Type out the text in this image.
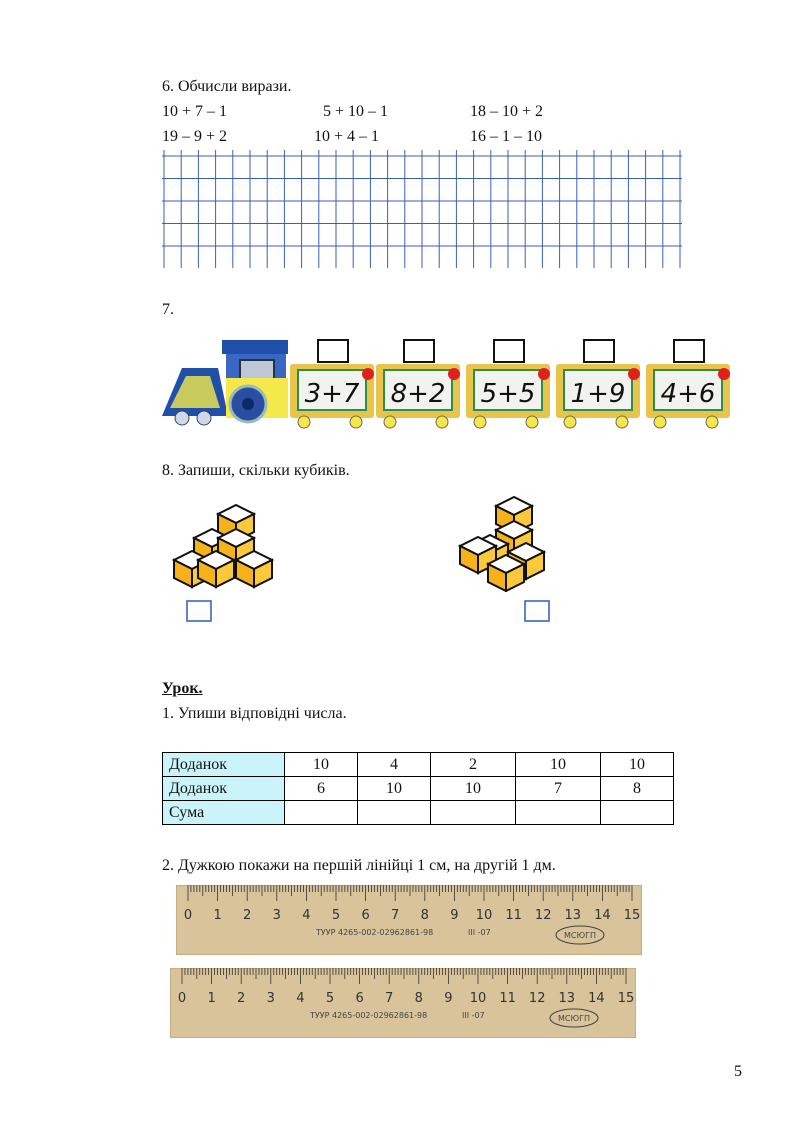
6. Обчисли вирази.
10 + 7 – 1	5 + 10 – 1	18 – 10 + 2
19 – 9 + 2	10 + 4 – 1	16 – 1 – 10
7.
3+7 8+2 5+5 1+9 4+6
8. Запиши, скільки кубиків.
Урок.
1. Упиши відповідні числа.
Доданок	10	4	2	10	10
Доданок	6	10	10	7	8
Сума					
2. Дужкою покажи на першій лінійці 1 см, на другій 1 дм.
0 1 2 3 4 5 6 7 8 9 10 11 12 13 14 15
ТУУР 4265-002-02962861-98	III -07	МСЮГП
0 1 2 3 4 5 6 7 8 9 10 11 12 13 14 15
ТУУР 4265-002-02962861-98	III -07	МСЮГП
5
